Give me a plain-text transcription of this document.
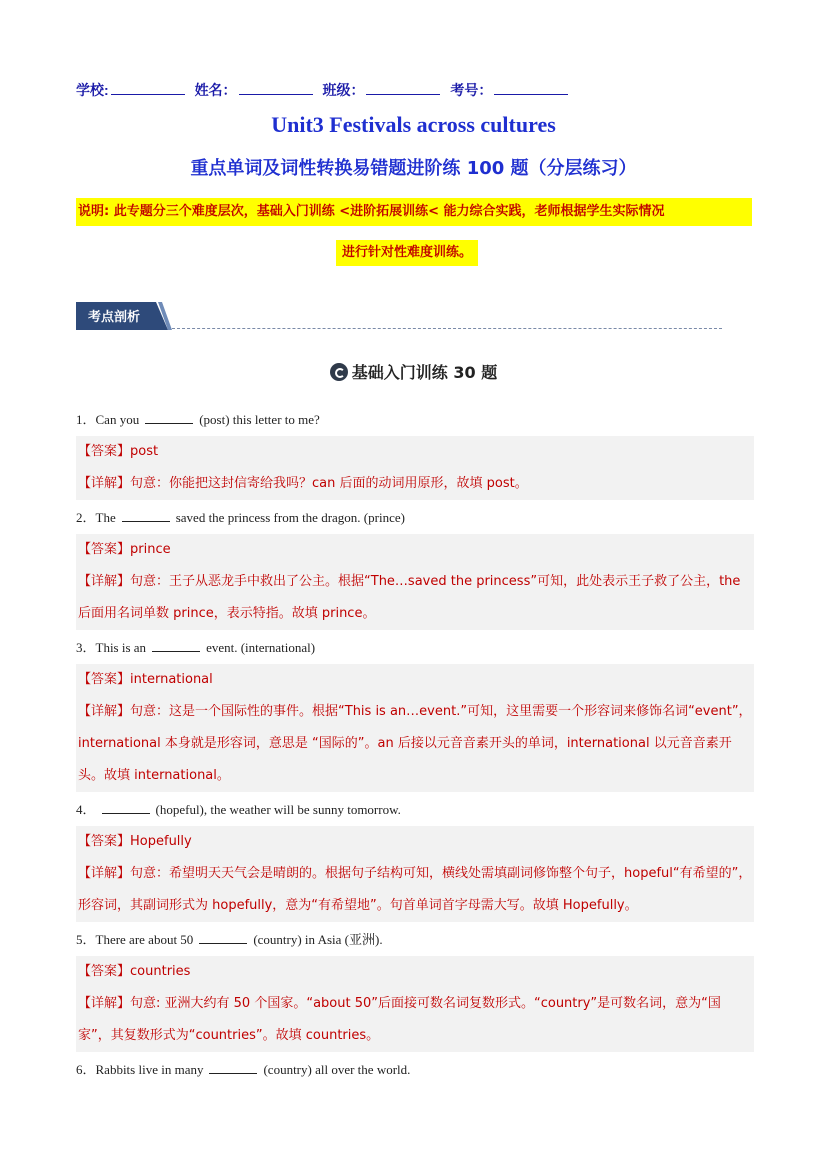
学校:	姓名：	班级：	考号：
Unit3 Festivals across cultures
重点单词及词性转换易错题进阶练 100 题（分层练习）
说明: 此专题分三个难度层次，基础入门训练 <进阶拓展训练< 能力综合实践，老师根据学生实际情况
进行针对性难度训练。
考点剖析
基础入门训练 30 题
1．Can you	(post) this letter to me?
【答案】post
【详解】句意：你能把这封信寄给我吗？can 后面的动词用原形，故填 post。
2．The	saved the princess from the dragon. (prince)
【答案】prince
【详解】句意：王子从恶龙手中救出了公主。根据“The…saved the princess”可知，此处表示王子救了公主，the 后面用名词单数 prince，表示特指。故填 prince。
3．This is an	event. (international)
【答案】international
【详解】句意：这是一个国际性的事件。根据“This is an…event.”可知，这里需要一个形容词来修饰名词“event”，international 本身就是形容词，意思是 “国际的”。an 后接以元音音素开头的单词，international 以元音音素开头。故填 international。
4．	(hopeful), the weather will be sunny tomorrow.
【答案】Hopefully
【详解】句意：希望明天天气会是晴朗的。根据句子结构可知，横线处需填副词修饰整个句子，hopeful“有希望的”，形容词，其副词形式为 hopefully，意为“有希望地”。句首单词首字母需大写。故填 Hopefully。
5．There are about 50	(country) in Asia (亚洲).
【答案】countries
【详解】句意: 亚洲大约有 50 个国家。“about 50”后面接可数名词复数形式。“country”是可数名词，意为“国家”，其复数形式为“countries”。故填 countries。
6．Rabbits live in many	(country) all over the world.
